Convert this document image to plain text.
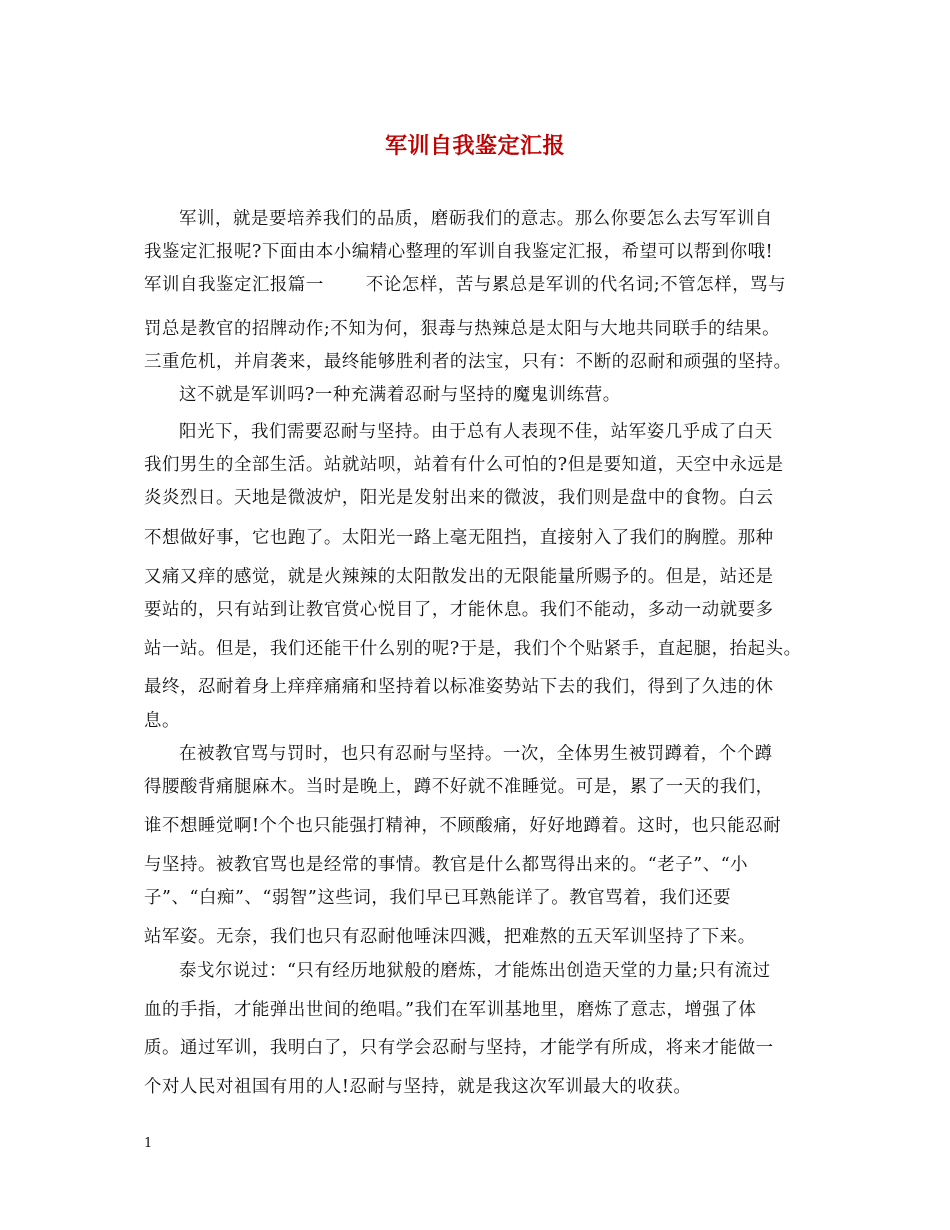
军训自我鉴定汇报
军训，就是要培养我们的品质，磨砺我们的意志。那么你要怎么去写军训自
我鉴定汇报呢?下面由本小编精心整理的军训自我鉴定汇报，希望可以帮到你哦!
军训自我鉴定汇报篇一 不论怎样，苦与累总是军训的代名词;不管怎样，骂与
罚总是教官的招牌动作;不知为何，狠毒与热辣总是太阳与大地共同联手的结果。
三重危机，并肩袭来，最终能够胜利者的法宝，只有：不断的忍耐和顽强的坚持。
这不就是军训吗?一种充满着忍耐与坚持的魔鬼训练营。
阳光下，我们需要忍耐与坚持。由于总有人表现不佳，站军姿几乎成了白天
我们男生的全部生活。站就站呗，站着有什么可怕的?但是要知道，天空中永远是
炎炎烈日。天地是微波炉，阳光是发射出来的微波，我们则是盘中的食物。白云
不想做好事，它也跑了。太阳光一路上毫无阻挡，直接射入了我们的胸膛。那种
又痛又痒的感觉，就是火辣辣的太阳散发出的无限能量所赐予的。但是，站还是
要站的，只有站到让教官赏心悦目了，才能休息。我们不能动，多动一动就要多
站一站。但是，我们还能干什么别的呢?于是，我们个个贴紧手，直起腿，抬起头。
最终，忍耐着身上痒痒痛痛和坚持着以标准姿势站下去的我们，得到了久违的休
息。
在被教官骂与罚时，也只有忍耐与坚持。一次，全体男生被罚蹲着，个个蹲
得腰酸背痛腿麻木。当时是晚上，蹲不好就不准睡觉。可是，累了一天的我们，
谁不想睡觉啊!个个也只能强打精神，不顾酸痛，好好地蹲着。这时，也只能忍耐
与坚持。被教官骂也是经常的事情。教官是什么都骂得出来的。“老子”、“小
子”、“白痴”、“弱智”这些词，我们早已耳熟能详了。教官骂着，我们还要
站军姿。无奈，我们也只有忍耐他唾沫四溅，把难熬的五天军训坚持了下来。
泰戈尔说过：“只有经历地狱般的磨炼，才能炼出创造天堂的力量;只有流过
血的手指，才能弹出世间的绝唱。”我们在军训基地里，磨炼了意志，增强了体
质。通过军训，我明白了，只有学会忍耐与坚持，才能学有所成，将来才能做一
个对人民对祖国有用的人!忍耐与坚持，就是我这次军训最大的收获。
1
